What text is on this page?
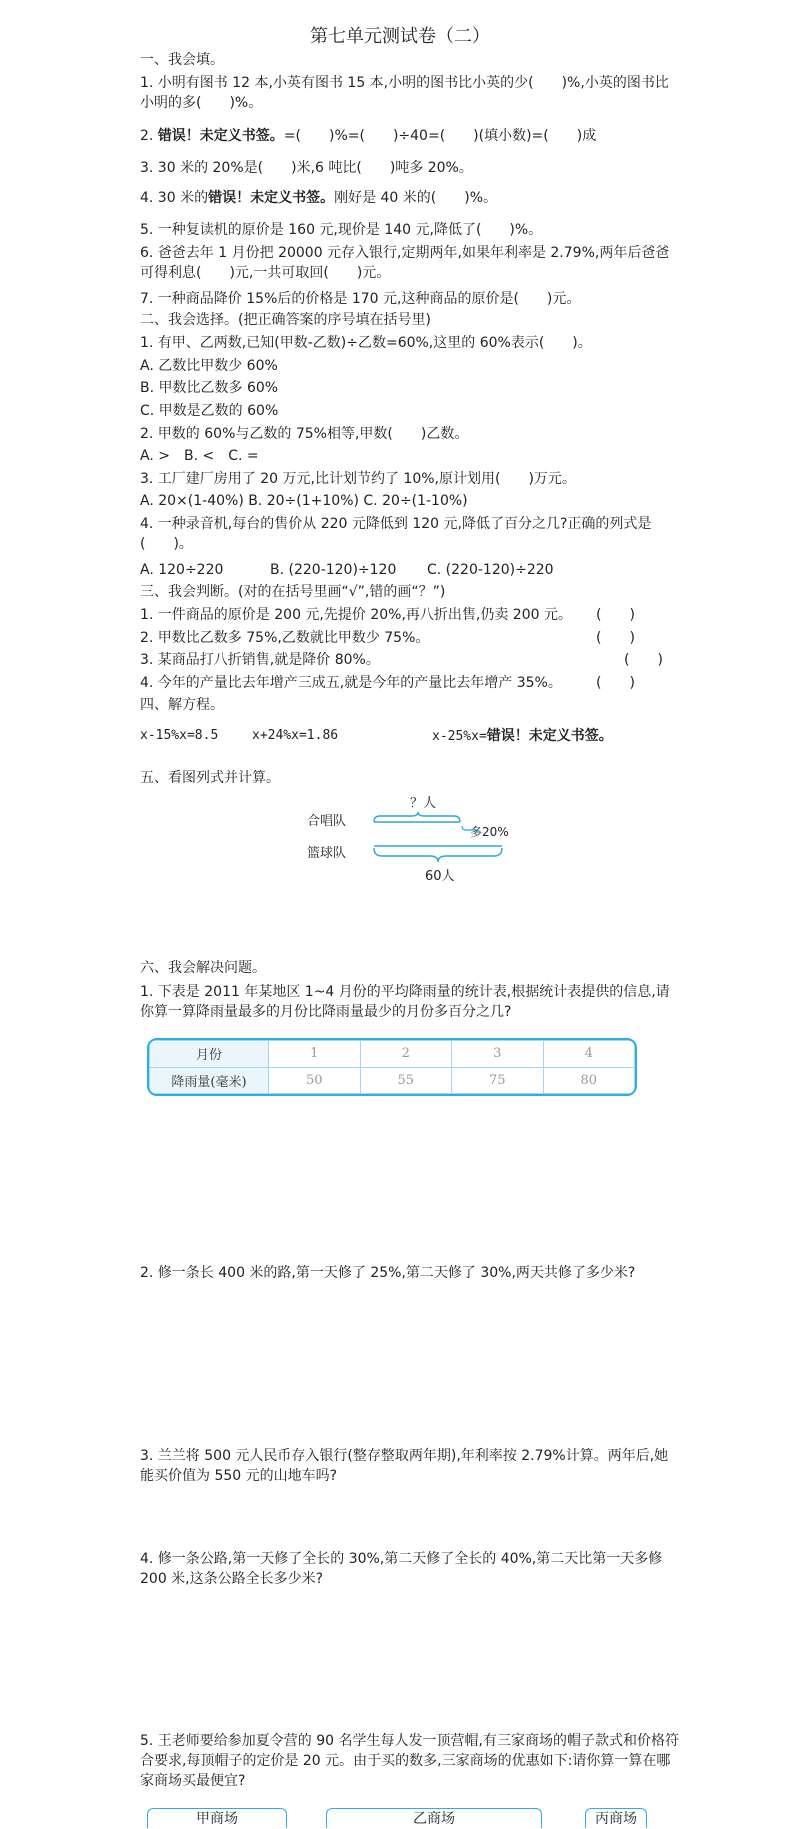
第七单元测试卷（二）
一、我会填。
1. 小明有图书 12 本,小英有图书 15 本,小明的图书比小英的少(　　)%,小英的图书比小明的多(　　)%。
2. 错误！未定义书签。=(　　)%=(　　)÷40=(　　)(填小数)=(　　)成
3. 30 米的 20%是(　　)米,6 吨比(　　)吨多 20%。
4. 30 米的错误！未定义书签。刚好是 40 米的(　　)%。
5. 一种复读机的原价是 160 元,现价是 140 元,降低了(　　)%。
6. 爸爸去年 1 月份把 20000 元存入银行,定期两年,如果年利率是 2.79%,两年后爸爸可得利息(　　)元,一共可取回(　　)元。
7. 一种商品降价 15%后的价格是 170 元,这种商品的原价是(　　)元。
二、我会选择。(把正确答案的序号填在括号里)
1. 有甲、乙两数,已知(甲数-乙数)÷乙数=60%,这里的 60%表示(　　)。
A. 乙数比甲数少 60%
B. 甲数比乙数多 60%
C. 甲数是乙数的 60%
2. 甲数的 60%与乙数的 75%相等,甲数(　　)乙数。
A. >　B. <　C. =
3. 工厂建厂房用了 20 万元,比计划节约了 10%,原计划用(　　)万元。
A. 20×(1-40%) B. 20÷(1+10%) C. 20÷(1-10%)
4. 一种录音机,每台的售价从 220 元降低到 120 元,降低了百分之几?正确的列式是(　　)。
A. 120÷220	B. (220-120)÷120 C. (220-120)÷220
三、我会判断。(对的在括号里画“√”,错的画“？”)
1. 一件商品的原价是 200 元,先提价 20%,再八折出售,仍卖 200 元。 (　　)
2. 甲数比乙数多 75%,乙数就比甲数少 75%。	(　　)
3. 某商品打八折销售,就是降价 80%。	(　　)
4. 今年的产量比去年增产三成五,就是今年的产量比去年增产 35%。 (　　)
四、解方程。
x-15%x=8.5	x+24%x=1.86	x-25%x=错误！未定义书签。
五、看图列式并计算。
合唱队
篮球队
？人
多20%
60人
六、我会解决问题。
1. 下表是 2011 年某地区 1~4 月份的平均降雨量的统计表,根据统计表提供的信息,请你算一算降雨量最多的月份比降雨量最少的月份多百分之几?
月份	1	2	3	4
降雨量(毫米)	50	55	75	80
2. 修一条长 400 米的路,第一天修了 25%,第二天修了 30%,两天共修了多少米?
3. 兰兰将 500 元人民币存入银行(整存整取两年期),年利率按 2.79%计算。两年后,她能买价值为 550 元的山地车吗?
4. 修一条公路,第一天修了全长的 30%,第二天修了全长的 40%,第二天比第一天多修 200 米,这条公路全长多少米?
5. 王老师要给参加夏令营的 90 名学生每人发一顶营帽,有三家商场的帽子款式和价格符合要求,每顶帽子的定价是 20 元。由于买的数多,三家商场的优惠如下:请你算一算在哪家商场买最便宜?
甲商场	乙商场	丙商场
